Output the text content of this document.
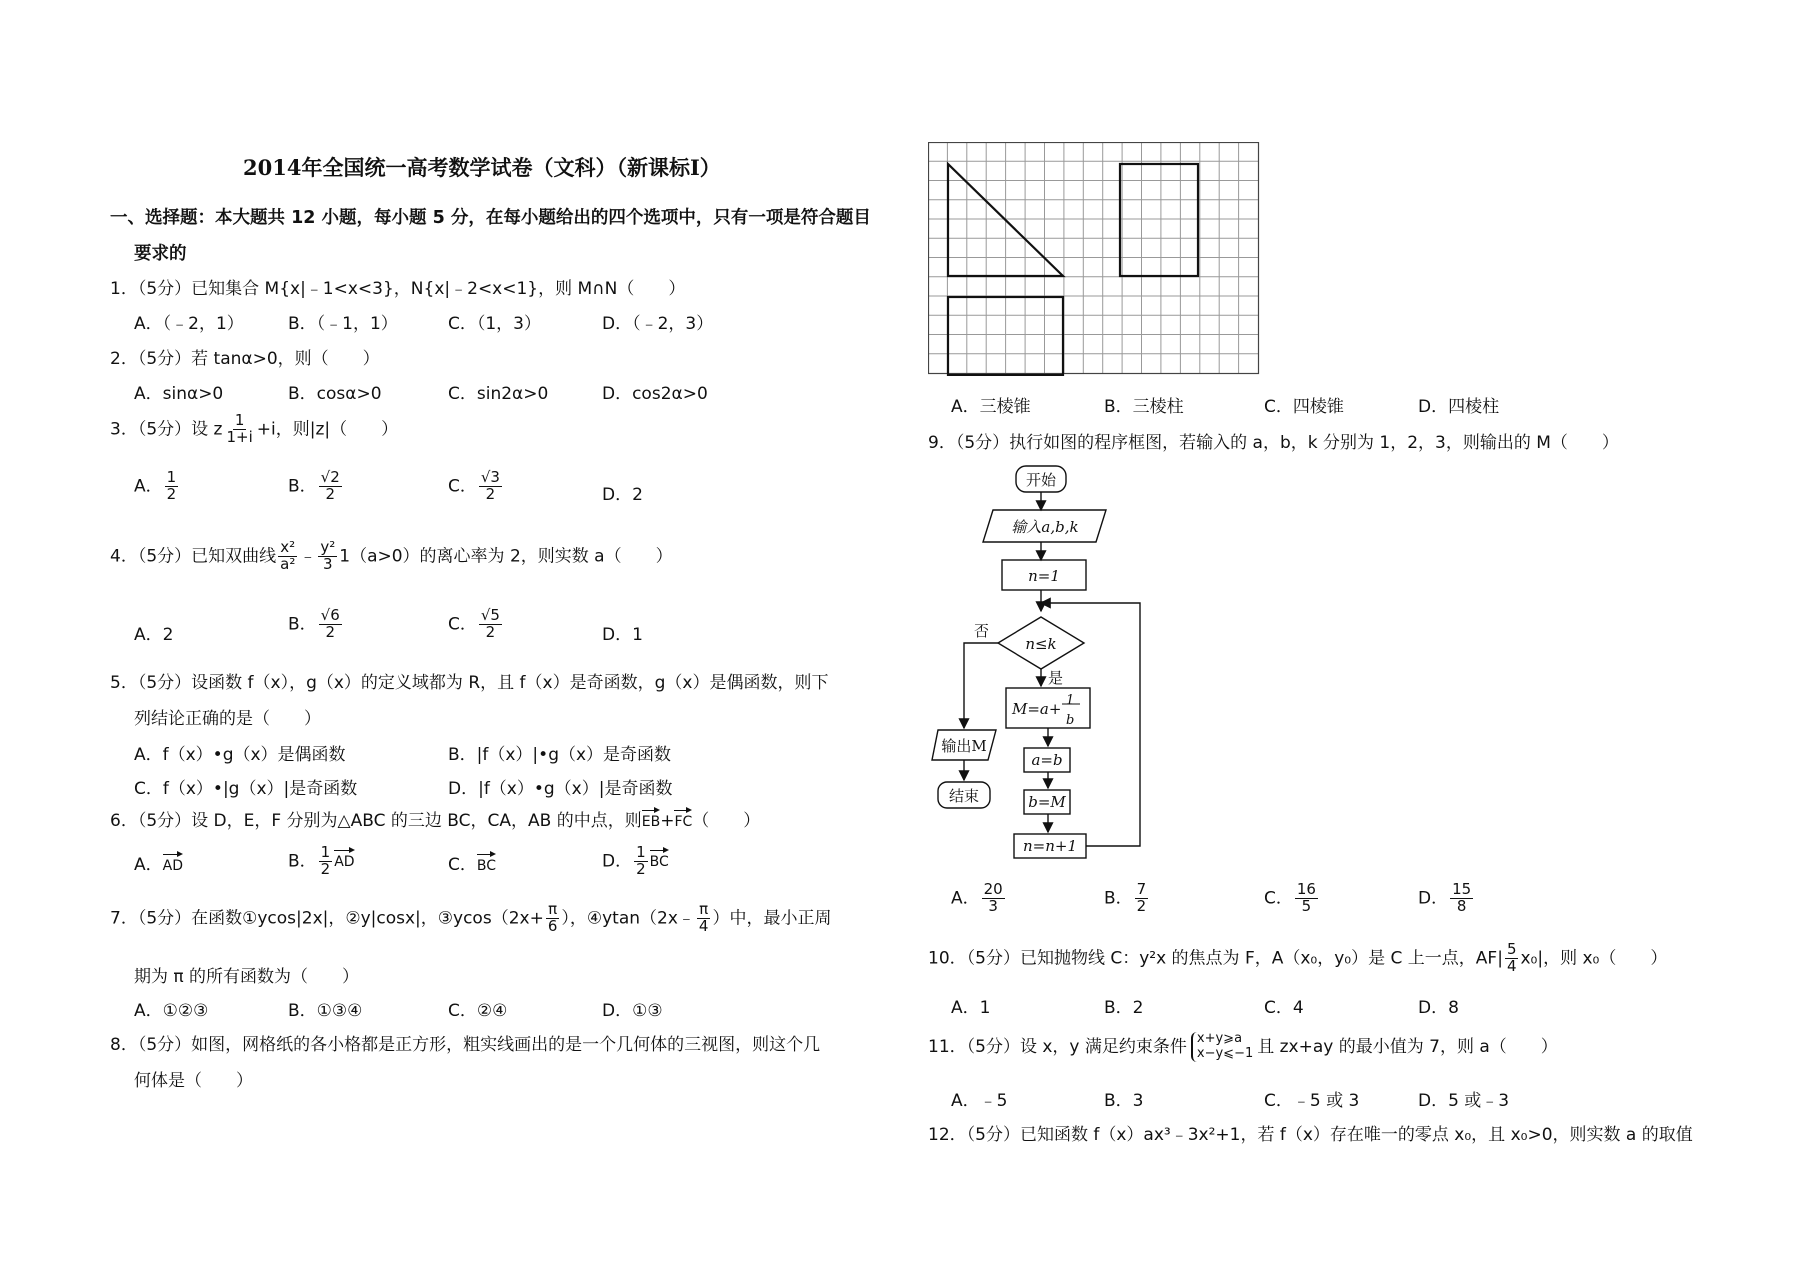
2014年全国统一高考数学试卷（文科）（新课标I）
一、选择题：本大题共 12 小题，每小题 5 分，在每小题给出的四个选项中，只有一项是符合题目
要求的
1．（5分）已知集合 M{x|﹣1<x<3}，N{x|﹣2<x<1}，则 M∩N（　　）
A．（﹣2，1）	B．（﹣1，1）	C．（1，3）	D．（﹣2，3）
2．（5分）若 tanα>0，则（　　）
A．sinα>0	B．cosα>0	C．sin2α>0	D．cos2α>0
3．（5分）设 z $\frac{1}{1+i} +i$，则|z|（　　）
A． $\frac{1}{2}$	B． $\frac{√2}{2}$	C． $\frac{√3}{2}$	D．2
4．（5分）已知双曲线 $\frac{\text{x²}}{\text{a²}}$ ﹣ $\frac{\text{y²}}{3} 1(a>0)$的离心率为 2，则实数 a（　　）
A．2
B． $\frac{√6}{2}$	C． $\frac{√5}{2}$	D．1
5．（5分）设函数 f（x），g（x）的定义域都为 R，且 f（x）是奇函数，g（x）是偶函数，则下
列结论正确的是（　　）
A．f（x）•g（x）是偶函数	B．|f（x）|•g（x）是奇函数
C．f（x）•|g（x）|是奇函数	D．|f（x）•g（x）|是奇函数
6．（5分）设 D，E，F 分别为△ABC 的三边 BC，CA，AB 的中点，则EB+FC（　　）
A．AD	B． $\frac{1}{2}$ AD	C．BC	D． $\frac{1}{2}$ BC
7．（5分）在函数①ycos|2x|，②y|cosx|，③ycos（2x+ $\frac{\pi}{6}$ ），④ytan（2x﹣ $\frac{\pi}{4}$ ）中，最小正周
期为 π 的所有函数为（　　）
A．①②③	B．①③④	C．②④	D．①③
8．（5分）如图，网格纸的各小格都是正方形，粗实线画出的是一个几何体的三视图，则这个几
何体是（　　）
A．三棱锥	B．三棱柱	C．四棱锥	D．四棱柱
9．（5分）执行如图的程序框图，若输入的 a，b，k 分别为 1，2，3，则输出的 M（　　）
开始
输入a,b,k
n=1
n≤k
否
是
M=a+ 1
b
a=b
b=M
n=n+1
输出M
结束
A． $\frac{20}{3}$	B． $\frac{7}{2}$	C． $\frac{16}{5}$	D． $\frac{15}{8}$
10．（5分）已知抛物线 C：y²x 的焦点为 F，A（x₀，y₀）是 C 上一点，$AF| \frac{5}{4} x_0|$，则 x₀（　　）
A．1	B．2	C．4	D．8
11．（5分）设 x，y 满足约束条件 x+y⩾a
x−y⩽−1 且 zx+ay 的最小值为 7，则 a（　　）
A．﹣5	B．3	C．﹣5 或 3	D．5 或﹣3
12．（5分）已知函数 f（x）ax³﹣3x²+1，若 f（x）存在唯一的零点 x₀，且 x₀>0，则实数 a 的取值
